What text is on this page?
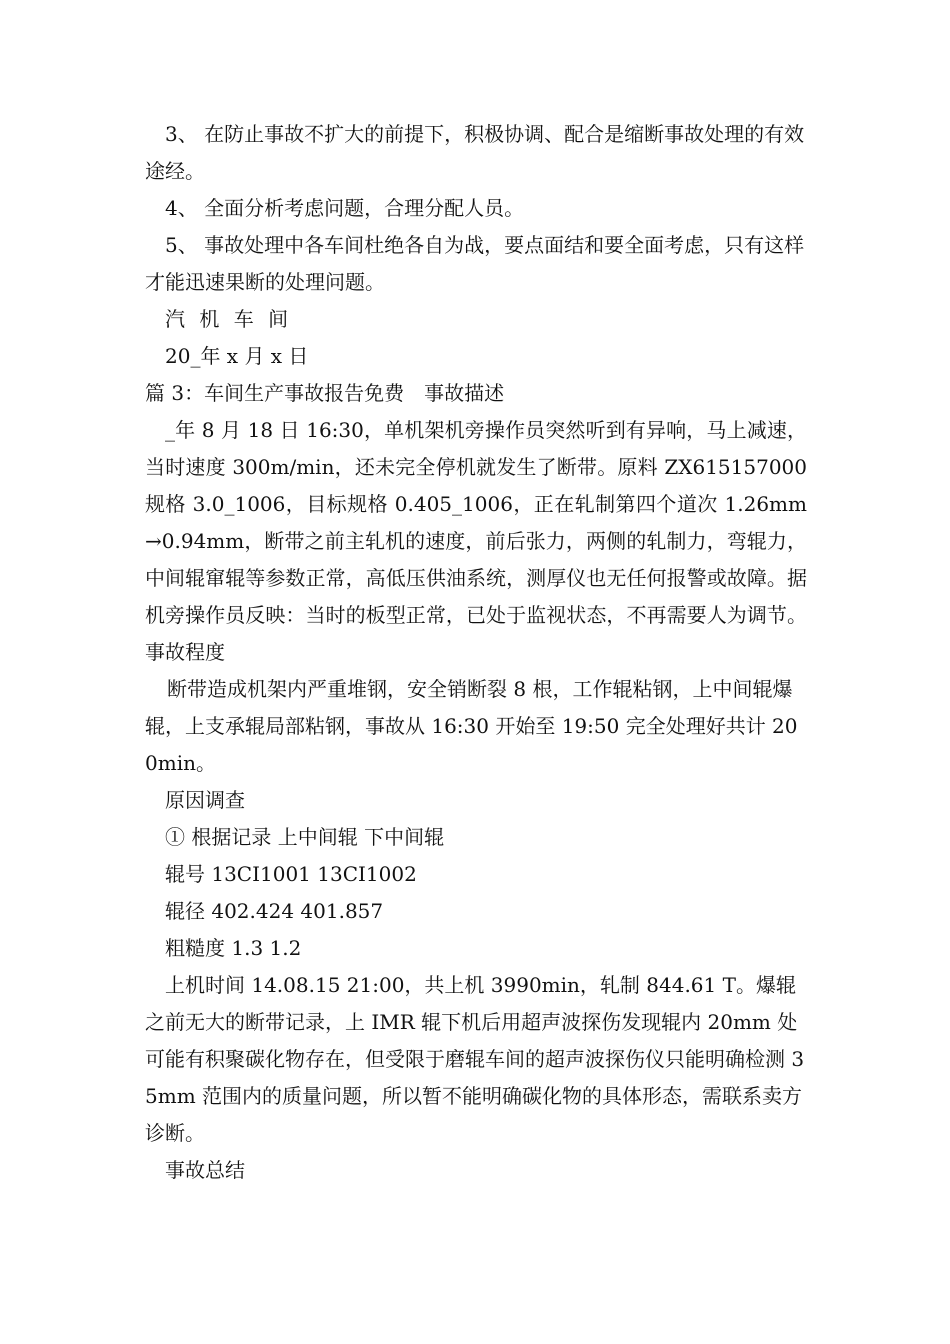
3、 在防止事故不扩大的前提下，积极协调、配合是缩断事故处理的有效途经。

4、 全面分析考虑问题，合理分配人员。

5、 事故处理中各车间杜绝各自为战，要点面结和要全面考虑，只有这样才能迅速果断的处理问题。

汽 机 车 间

20_年 x 月 x 日

篇 3：车间生产事故报告免费　事故描述

_年 8 月 18 日 16:30，单机架机旁操作员突然听到有异响，马上减速，当时速度 300m/min，还未完全停机就发生了断带。原料 ZX615157000 规格 3.0_1006，目标规格 0.405_1006，正在轧制第四个道次 1.26mm→0.94mm，断带之前主轧机的速度，前后张力，两侧的轧制力，弯辊力，中间辊窜辊等参数正常，高低压供油系统，测厚仪也无任何报警或故障。据机旁操作员反映：当时的板型正常，已处于监视状态，不再需要人为调节。 事故程度

断带造成机架内严重堆钢，安全销断裂 8 根，工作辊粘钢，上中间辊爆辊，上支承辊局部粘钢，事故从 16:30 开始至 19:50 完全处理好共计 200min。

原因调查

① 根据记录 上中间辊 下中间辊

辊号 13CI1001 13CI1002

辊径 402.424 401.857

粗糙度 1.3 1.2

上机时间 14.08.15 21:00，共上机 3990min，轧制 844.61 T。爆辊之前无大的断带记录，上 IMR 辊下机后用超声波探伤发现辊内 20mm 处可能有积聚碳化物存在，但受限于磨辊车间的超声波探伤仪只能明确检测 35mm 范围内的质量问题，所以暂不能明确碳化物的具体形态，需联系卖方诊断。

事故总结
